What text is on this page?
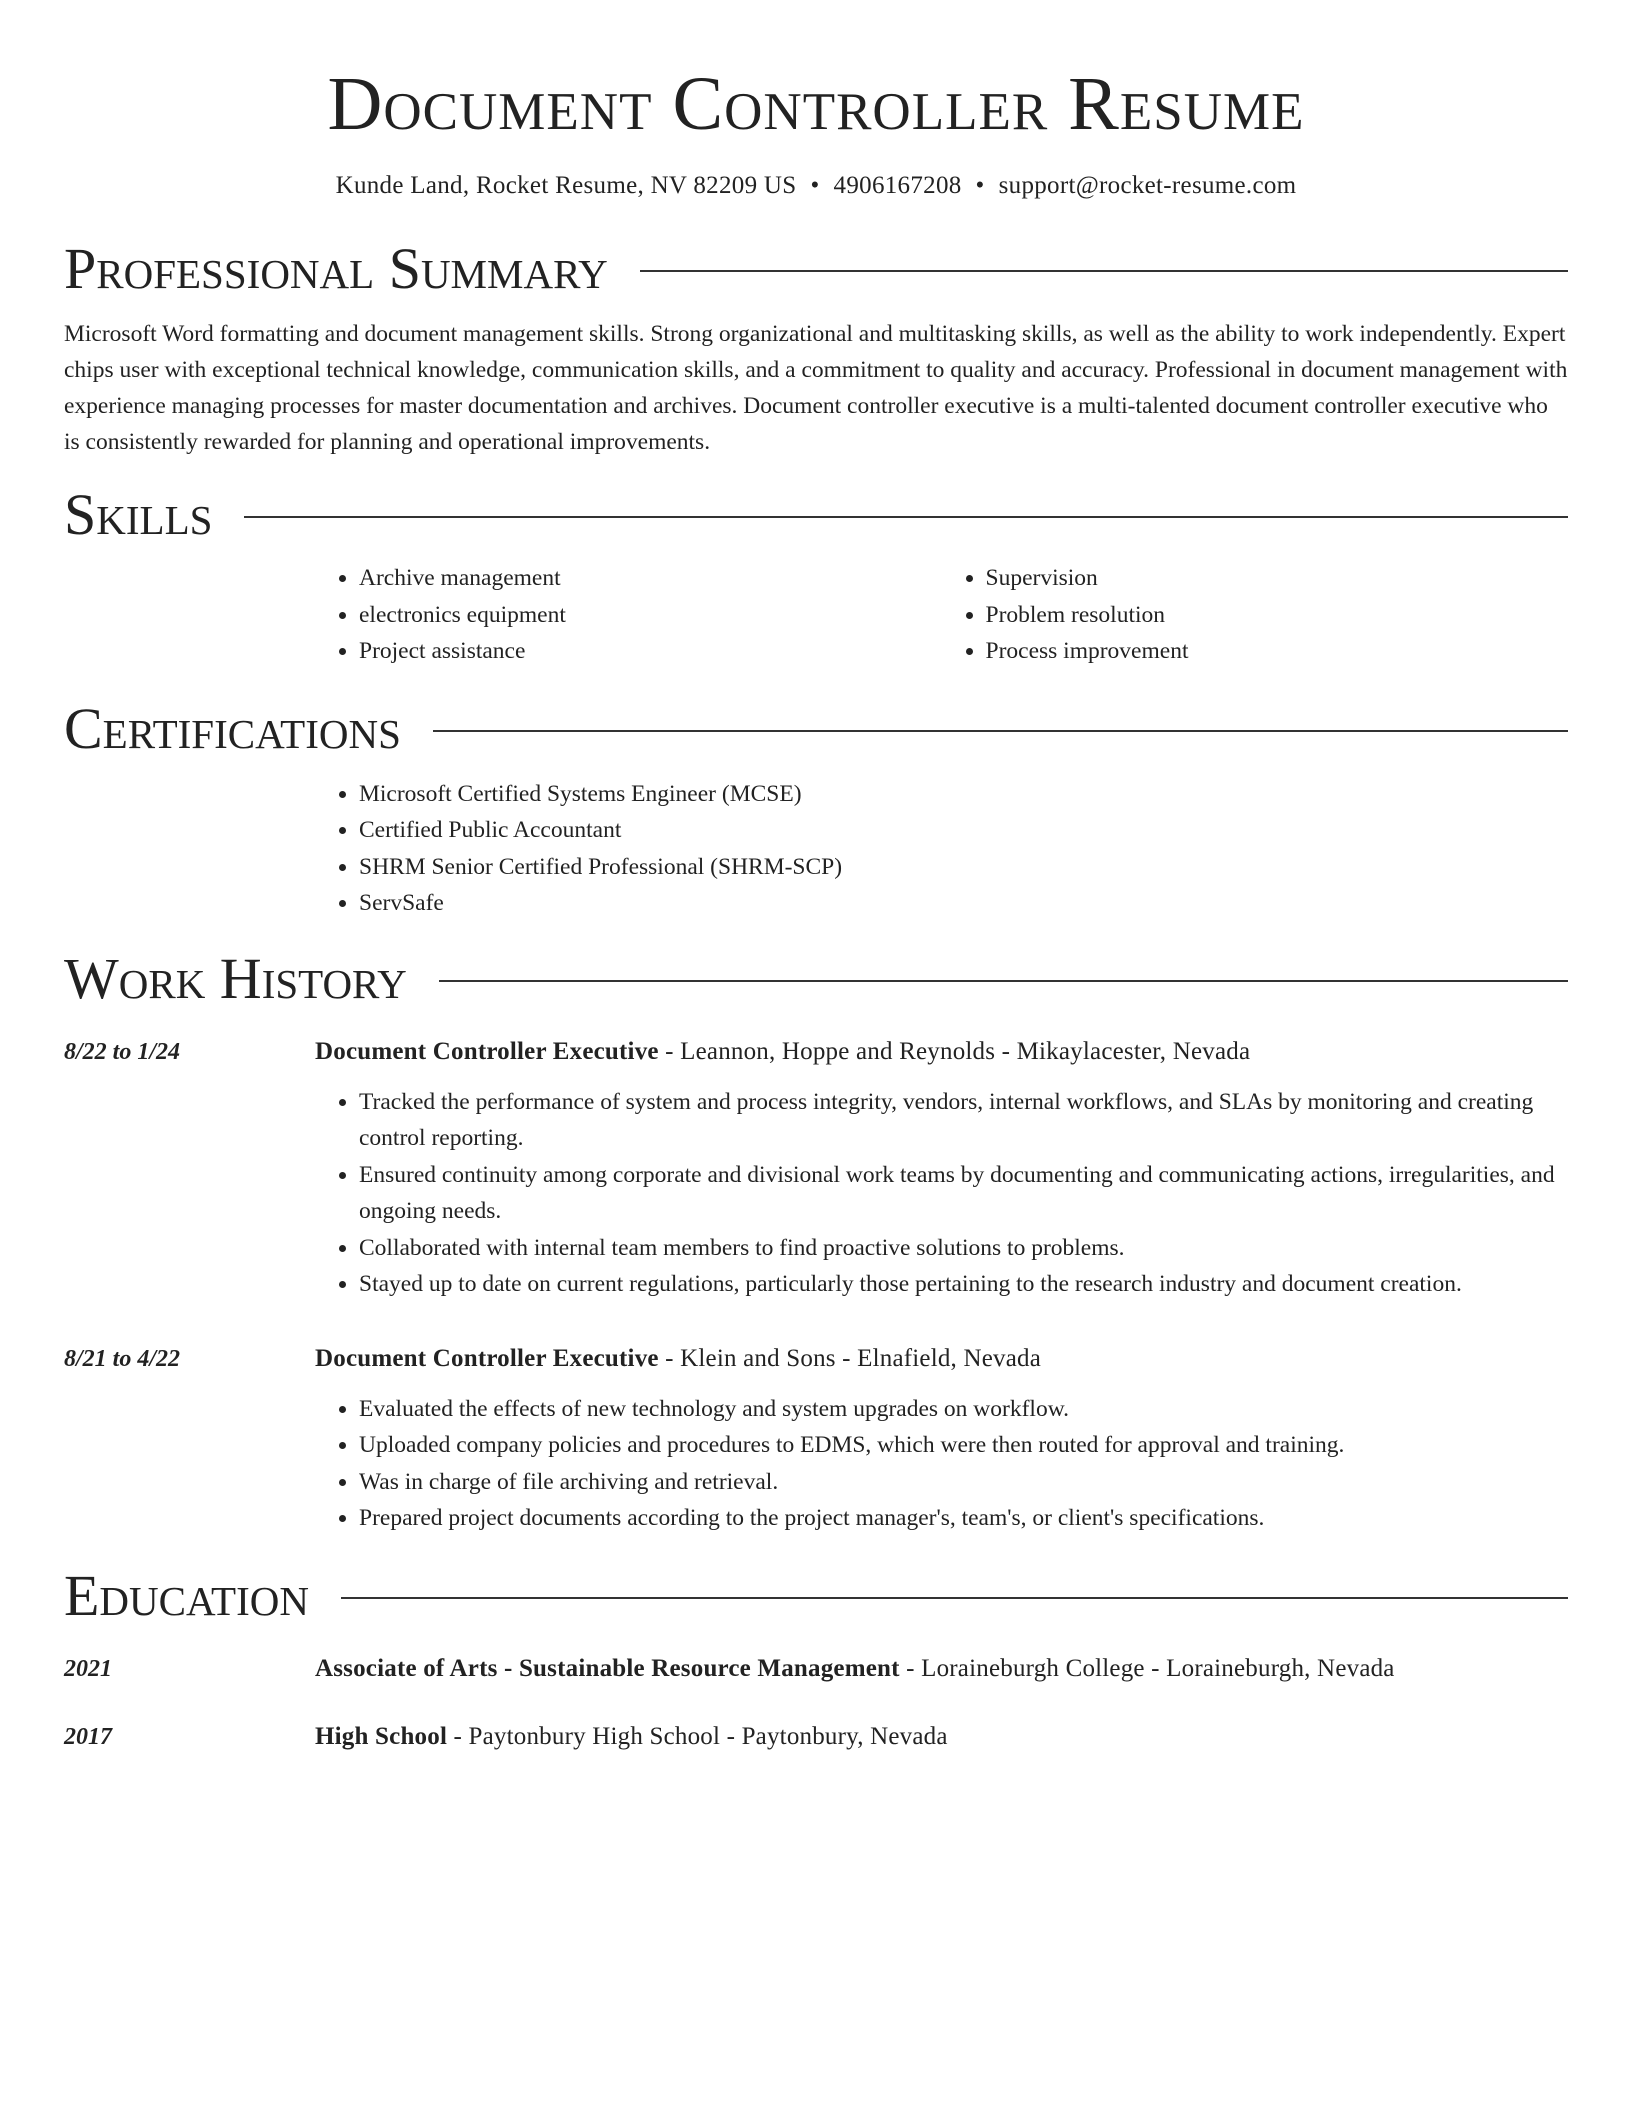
Document Controller Resume
Kunde Land, Rocket Resume, NV 82209 US • 4906167208 • support@rocket-resume.com
Professional Summary

Microsoft Word formatting and document management skills. Strong organizational and multitasking skills, as well as the ability to work independently. Expert chips user with exceptional technical knowledge, communication skills, and a commitment to quality and accuracy. Professional in document management with experience managing processes for master documentation and archives. Document controller executive is a multi-talented document controller executive who is consistently rewarded for planning and operational improvements.

Skills
• Archive management
• electronics equipment
• Project assistance
• Supervision
• Problem resolution
• Process improvement
Certifications
• Microsoft Certified Systems Engineer (MCSE)
• Certified Public Accountant
• SHRM Senior Certified Professional (SHRM-SCP)
• ServSafe
Work History
8/22 to 1/24	Document Controller Executive - Leannon, Hoppe and Reynolds - Mikaylacester, Nevada
• Tracked the performance of system and process integrity, vendors, internal workflows, and SLAs by monitoring and creating control reporting.
• Ensured continuity among corporate and divisional work teams by documenting and communicating actions, irregularities, and ongoing needs.
• Collaborated with internal team members to find proactive solutions to problems.
• Stayed up to date on current regulations, particularly those pertaining to the research industry and document creation.
8/21 to 4/22	Document Controller Executive - Klein and Sons - Elnafield, Nevada
• Evaluated the effects of new technology and system upgrades on workflow.
• Uploaded company policies and procedures to EDMS, which were then routed for approval and training.
• Was in charge of file archiving and retrieval.
• Prepared project documents according to the project manager's, team's, or client's specifications.
Education
2021	Associate of Arts - Sustainable Resource Management - Loraineburgh College - Loraineburgh, Nevada
2017	High School - Paytonbury High School - Paytonbury, Nevada
